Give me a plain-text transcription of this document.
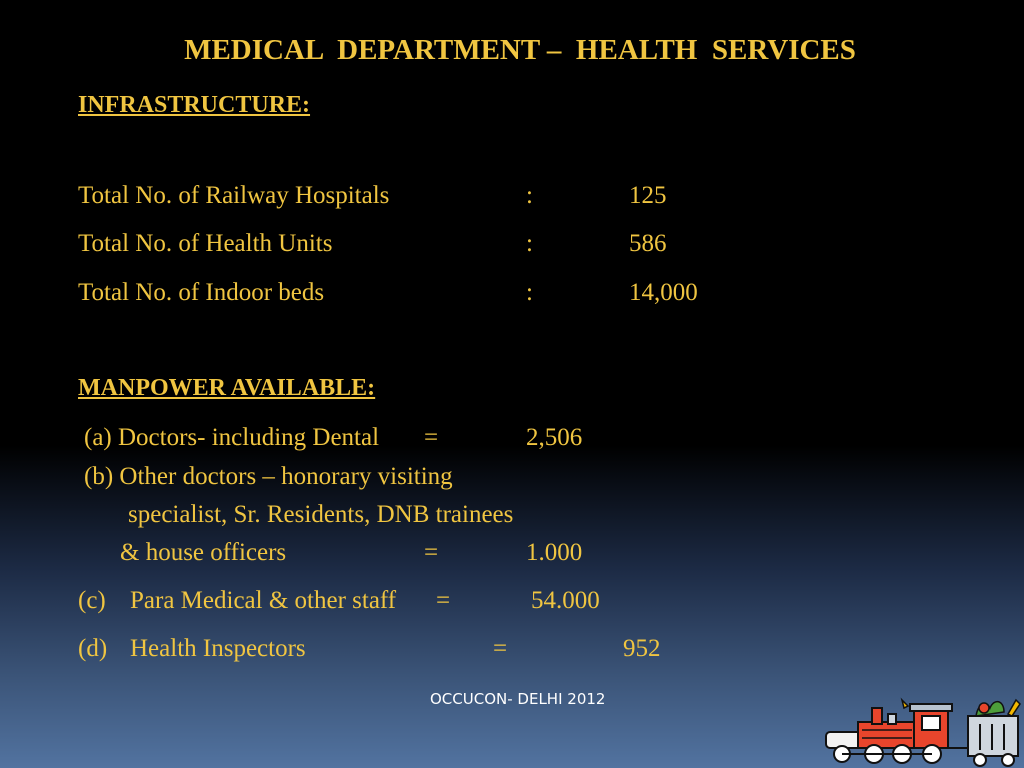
MEDICAL  DEPARTMENT –  HEALTH  SERVICES
INFRASTRUCTURE:
Total No. of Railway Hospitals	:	125
Total No. of Health Units	:	586
Total No. of Indoor beds	:	14,000
MANPOWER AVAILABLE:
(a) Doctors- including Dental =	2,506
(b) Other doctors – honorary visiting
specialist, Sr. Residents, DNB trainees
& house officers	=	1.000
(c) Para Medical & other staff =	54.000
(d) Health Inspectors	=	952
OCCUCON- DELHI 2012
